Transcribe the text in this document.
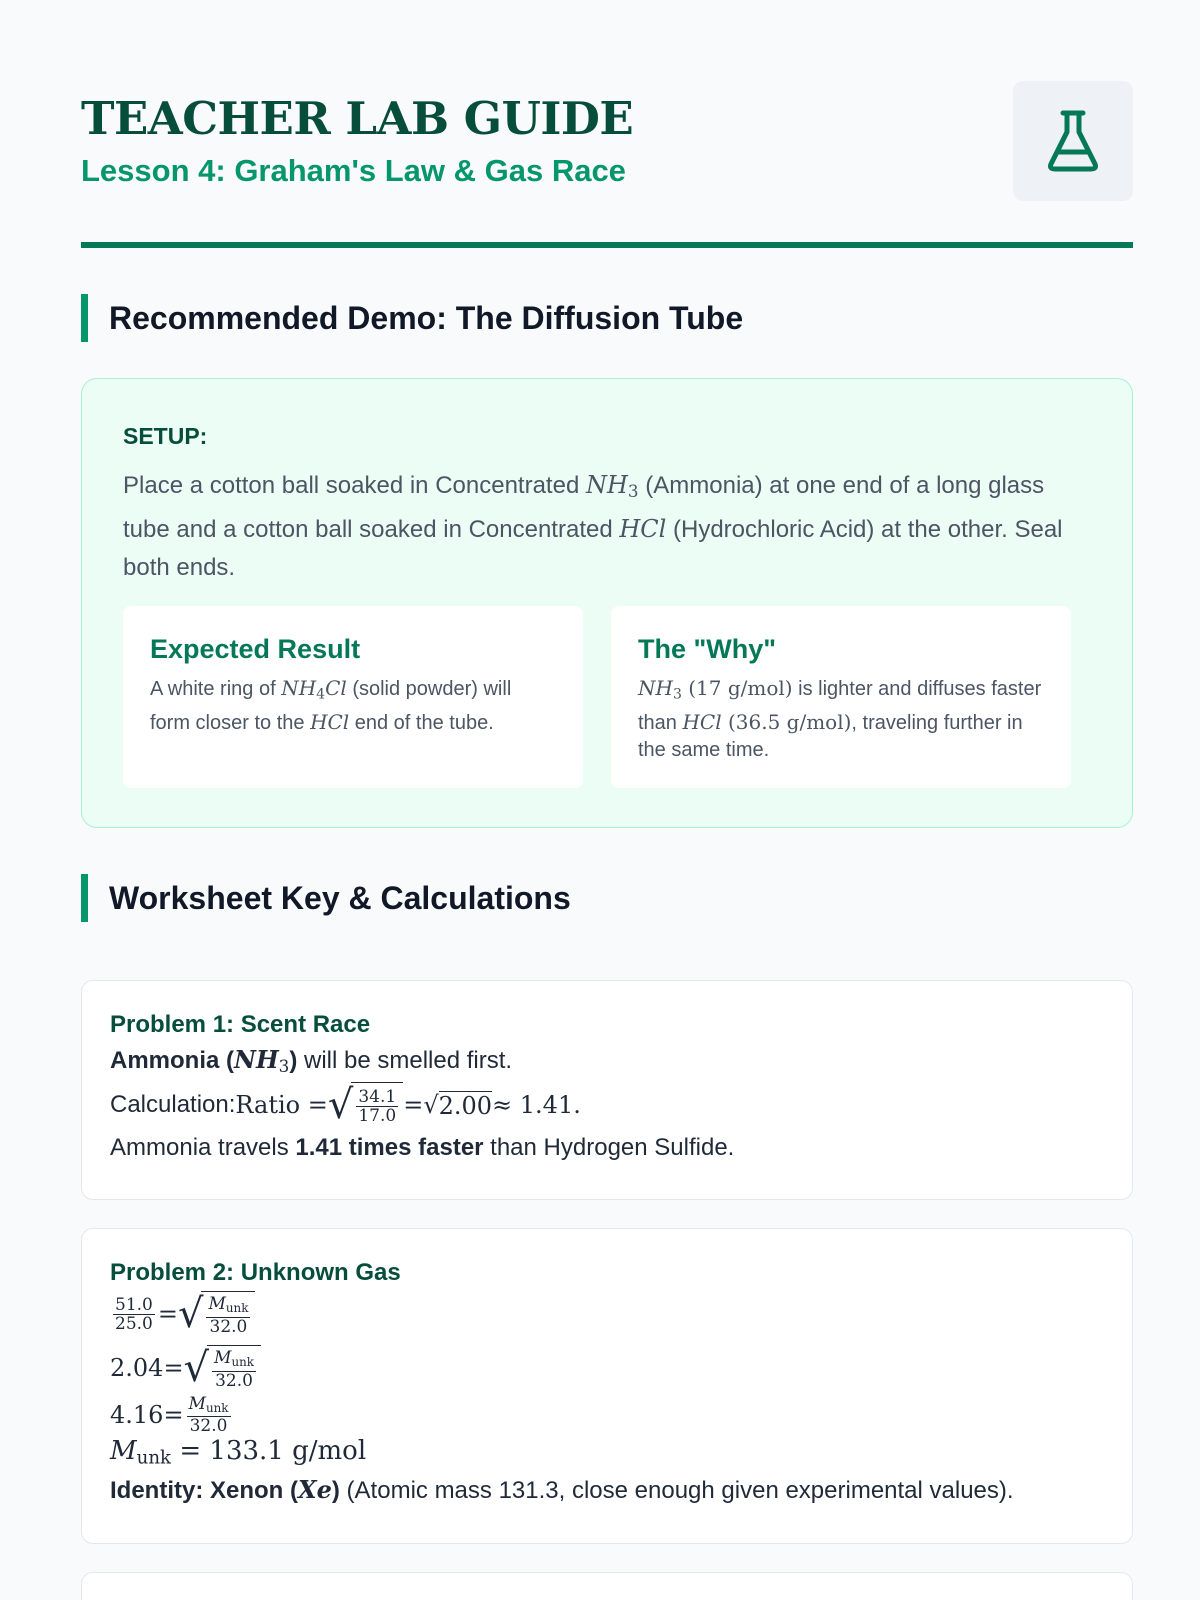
TEACHER LAB GUIDE
Lesson 4: Graham's Law & Gas Race
Recommended Demo: The Diffusion Tube
SETUP:
Place a cotton ball soaked in Concentrated $NH_3$ (Ammonia) at one end of a long glass tube and a cotton ball soaked in Concentrated HCl (Hydrochloric Acid) at the other. Seal both ends.
Expected Result

A white ring of $NH_4Cl$ (solid powder) will form closer to the HCl end of the tube.

The "Why"

$NH_3$ (17 g/mol) is lighter and diffuses faster than HCl (36.5 g/mol), traveling further in the same time.

Worksheet Key & Calculations
Problem 1: Scent Race
Ammonia $(NH_3)$ will be smelled first.
Calculation: Ratio = √ $\frac{34.1}{17.0}$ = √ 2.00 ≈ 1.41.
Ammonia travels 1.41 times faster than Hydrogen Sulfide.
Problem 2: Unknown Gas
$\frac{51.0}{25.0}$ = √ $\frac{M_{unk}}{32.0}$
2.04 = √ $\frac{M_{unk}}{32.0}$
$4.16 = \frac{M_{unk}}{32.0}$
$M_{unk} = 133.1$ g/mol
Identity: Xenon (Xe) (Atomic mass 131.3, close enough given experimental values).
